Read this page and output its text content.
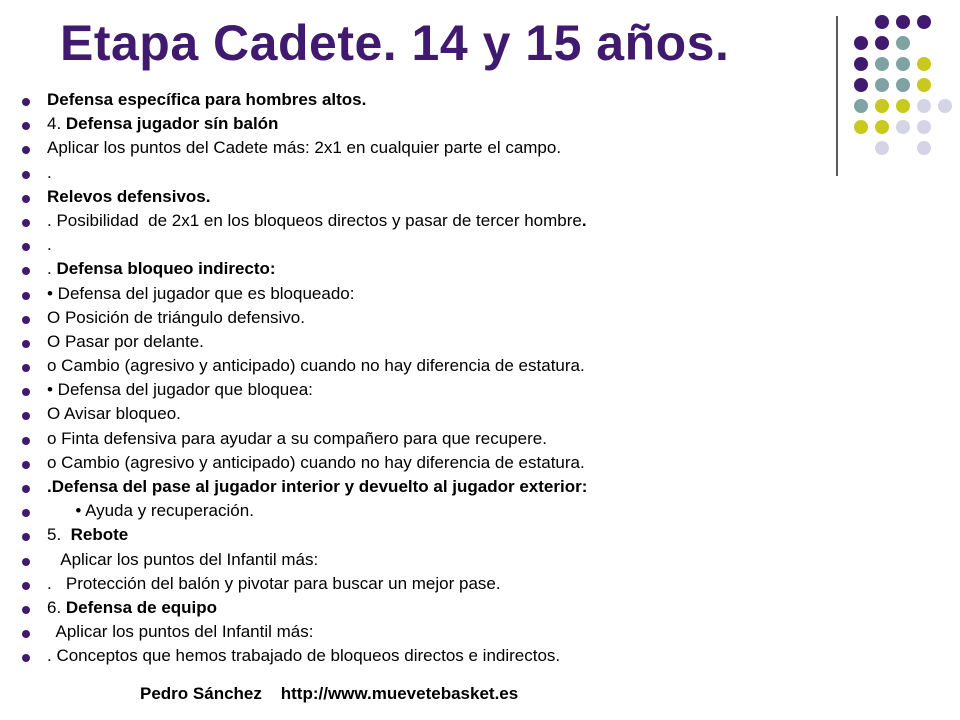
Etapa Cadete. 14 y 15 años.
Defensa específica para hombres altos.
4. Defensa jugador sín balón
Aplicar los puntos del Cadete más: 2x1 en cualquier parte el campo.
.
Relevos defensivos.
. Posibilidad  de 2x1 en los bloqueos directos y pasar de tercer hombre.
.
. Defensa bloqueo indirecto:
• Defensa del jugador que es bloqueado:
O Posición de triángulo defensivo.
O Pasar por delante.
o Cambio (agresivo y anticipado) cuando no hay diferencia de estatura.
• Defensa del jugador que bloquea:
O Avisar bloqueo.
o Finta defensiva para ayudar a su compañero para que recupere.
o Cambio (agresivo y anticipado) cuando no hay diferencia de estatura.
.Defensa del pase al jugador interior y devuelto al jugador exterior:
• Ayuda y recuperación.
5.  Rebote
Aplicar los puntos del Infantil más:
.   Protección del balón y pivotar para buscar un mejor pase.
6. Defensa de equipo
Aplicar los puntos del Infantil más:
. Conceptos que hemos trabajado de bloqueos directos e indirectos.
Pedro Sánchez    http://www.muevetebasket.es
